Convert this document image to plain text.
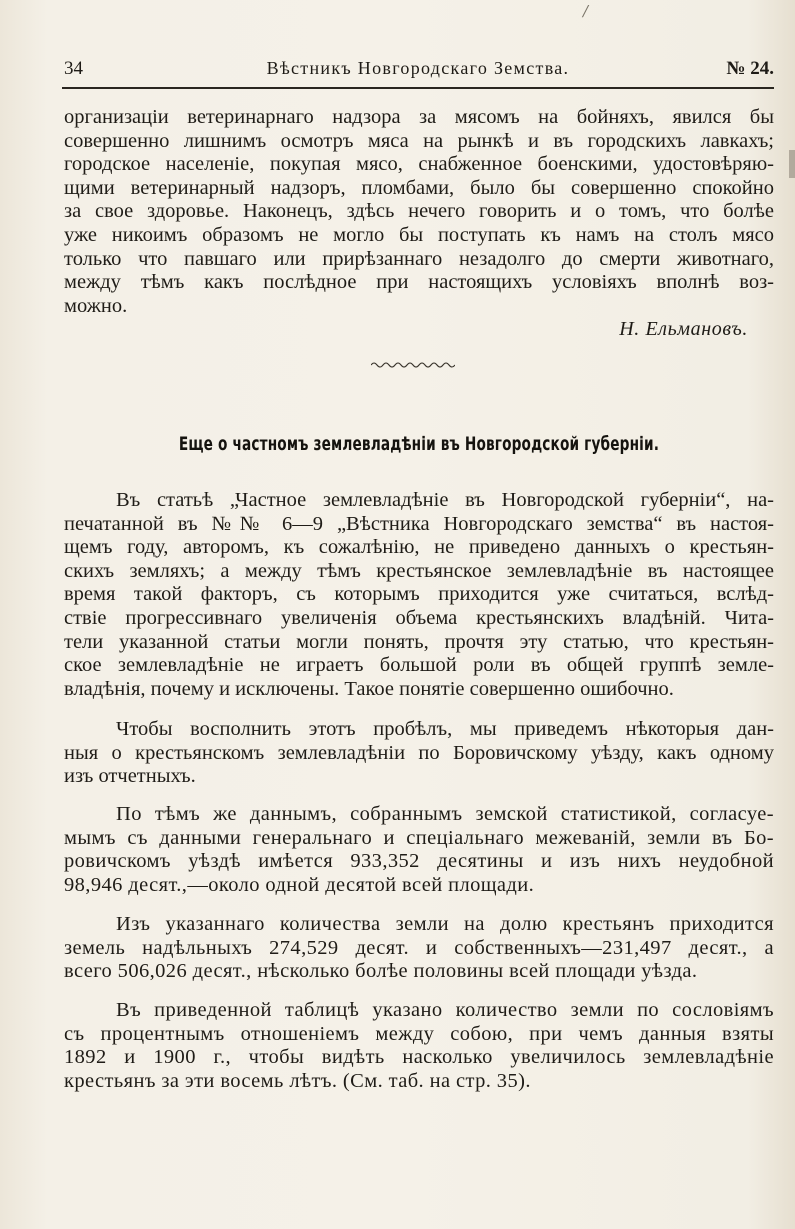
/
34	Вѣстникъ Новгородскаго Земства.	№ 24.
организаціи ветеринарнаго надзора за мясомъ на бойняхъ, явился бы
совершенно лишнимъ осмотръ мяса на рынкѣ и въ городскихъ лавкахъ;
городское населеніе, покупая мясо, снабженное боенскими, удостовѣряю-
щими ветеринарный надзоръ, пломбами, было бы совершенно спокойно
за свое здоровье. Наконецъ, здѣсь нечего говорить и о томъ, что болѣе
уже никоимъ образомъ не могло бы поступать къ намъ на столъ мясо
только что павшаго или прирѣзаннаго незадолго до смерти животнаго,
между тѣмъ какъ послѣдное при настоящихъ условіяхъ вполнѣ воз-
можно.
Н. Ельмановъ.
Еще о частномъ землевладѣніи въ Новгородской губерніи.
Въ статьѣ „Частное землевладѣніе въ Новгородской губерніи“, на-
печатанной въ №№ 6—9 „Вѣстника Новгородскаго земства“ въ настоя-
щемъ году, авторомъ, къ сожалѣнію, не приведено данныхъ о крестьян-
скихъ земляхъ; а между тѣмъ крестьянское землевладѣніе въ настоящее
время такой факторъ, съ которымъ приходится уже считаться, вслѣд-
ствіе прогрессивнаго увеличенія объема крестьянскихъ владѣній. Чита-
тели указанной статьи могли понять, прочтя эту статью, что крестьян-
ское землевладѣніе не играетъ большой роли въ общей группѣ земле-
владѣнія, почему и исключены. Такое понятіе совершенно ошибочно.
Чтобы восполнить этотъ пробѣлъ, мы приведемъ нѣкоторыя дан-
ныя о крестьянскомъ землевладѣніи по Боровичскому уѣзду, какъ одному
изъ отчетныхъ.
По тѣмъ же даннымъ, собраннымъ земской статистикой, согласуе-
мымъ съ данными генеральнаго и спеціальнаго межеваній, земли въ Бо-
ровичскомъ уѣздѣ имѣется 933,352 десятины и изъ нихъ неудобной
98,946 десят.,—около одной десятой всей площади.
Изъ указаннаго количества земли на долю крестьянъ приходится
земель надѣльныхъ 274,529 десят. и собственныхъ—231,497 десят., а
всего 506,026 десят., нѣсколько болѣе половины всей площади уѣзда.
Въ приведенной таблицѣ указано количество земли по сословіямъ
съ процентнымъ отношеніемъ между собою, при чемъ данныя взяты
1892 и 1900 г., чтобы видѣть насколько увеличилось землевладѣніе
крестьянъ за эти восемь лѣтъ. (См. таб. на стр. 35).
